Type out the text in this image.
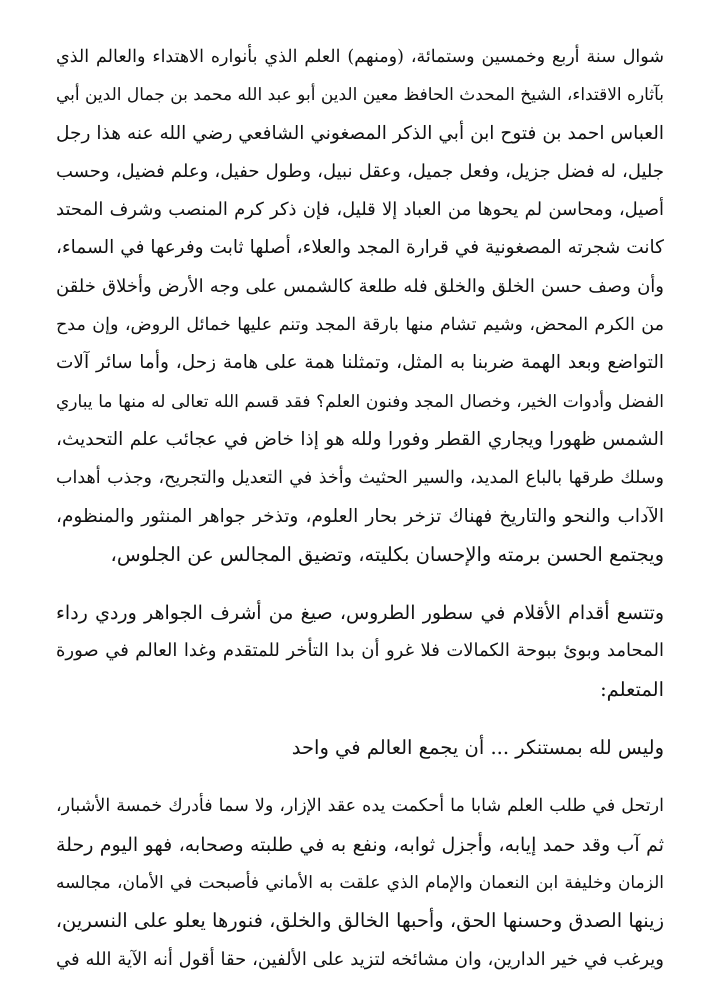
شوال سنة أربع وخمسين وستمائة، (ومنهم) العلم الذي بأنواره الاهتداء والعالم الذي
بآثاره الاقتداء، الشيخ المحدث الحافظ معين الدين أبو عبد الله محمد بن جمال الدين أبي
العباس احمد بن فتوح ابن أبي الذكر المصغوني الشافعي رضي الله عنه هذا رجل
جليل، له فضل جزيل، وفعل جميل، وعقل نبيل، وطول حفيل، وعلم فضيل، وحسب
أصيل، ومحاسن لم يحوها من العباد إلا قليل، فإن ذكر كرم المنصب وشرف المحتد
كانت شجرته المصغونية في قرارة المجد والعلاء، أصلها ثابت وفرعها في السماء،
وأن وصف حسن الخلق والخلق فله طلعة كالشمس على وجه الأرض وأخلاق خلقن
من الكرم المحض، وشيم تشام منها بارقة المجد وتنم عليها خمائل الروض، وإن مدح
التواضع وبعد الهمة ضربنا به المثل، وتمثلنا همة على هامة زحل، وأما سائر آلات
الفضل وأدوات الخير، وخصال المجد وفنون العلم؟ فقد قسم الله تعالى له منها ما يباري
الشمس ظهورا ويجاري القطر وفورا ولله هو إذا خاض في عجائب علم التحديث،
وسلك طرقها بالباع المديد، والسير الحثيث وأخذ في التعديل والتجريح، وجذب أهداب
الآداب والنحو والتاريخ فهناك تزخر بحار العلوم، وتذخر جواهر المنثور والمنظوم،
ويجتمع الحسن برمته والإحسان بكليته، وتضيق المجالس عن الجلوس،
وتتسع أقدام الأقلام في سطور الطروس، صيغ من أشرف الجواهر وردي رداء
المحامد وبوئ ببوحة الكمالات فلا غرو أن بدا التأخر للمتقدم وغدا العالم في صورة
المتعلم:
وليس لله بمستنكر ... أن يجمع العالم في واحد
ارتحل في طلب العلم شابا ما أحكمت يده عقد الإزار، ولا سما فأدرك خمسة الأشبار،
ثم آب وقد حمد إيابه، وأجزل ثوابه، ونفع به في طلبته وصحابه، فهو اليوم رحلة
الزمان وخليفة ابن النعمان والإمام الذي علقت به الأماني فأصبحت في الأمان، مجالسه
زينها الصدق وحسنها الحق، وأحبها الخالق والخلق، فنورها يعلو على النسرين،
ويرغب في خير الدارين، وان مشائخه لتزيد على الألفين، حقا أقول أنه الآية الله في
